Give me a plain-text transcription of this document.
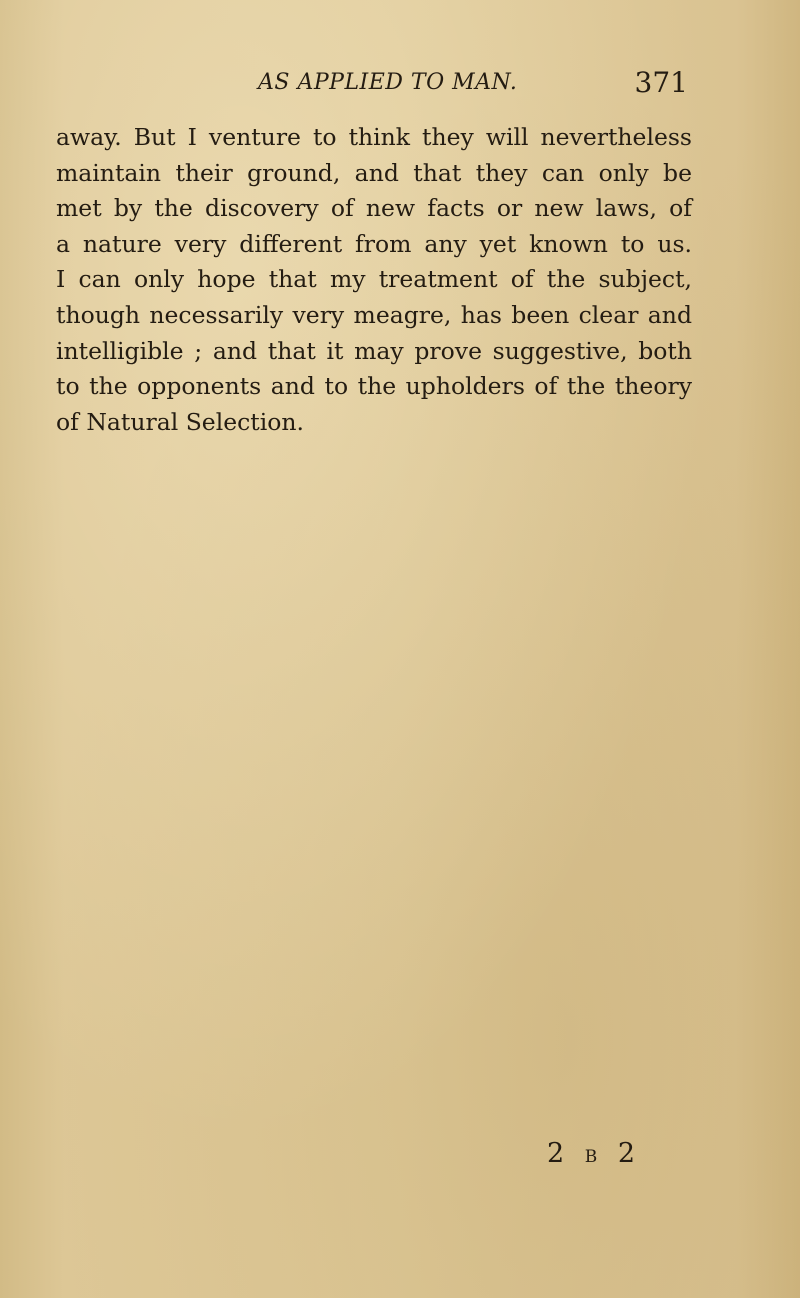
AS APPLIED TO MAN.	371

away. But I venture to think they will nevertheless
maintain their ground, and that they can only be
met by the discovery of new facts or new laws, of
a nature very different from any yet known to us.
I can only hope that my treatment of the subject,
though necessarily very meagre, has been clear and
intelligible ; and that it may prove suggestive, both
to the opponents and to the upholders of the theory
of Natural Selection.

2 B 2
